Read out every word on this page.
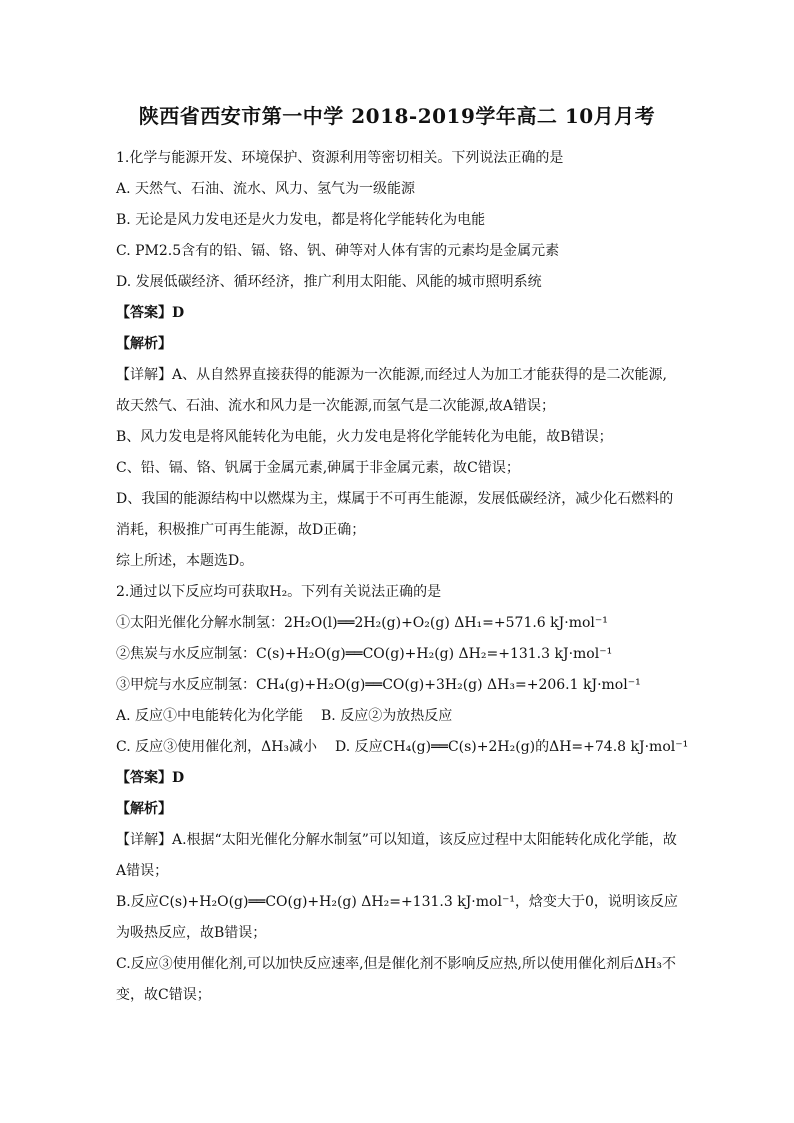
陕西省西安市第一中学 2018-2019学年高二 10月月考
1.化学与能源开发、环境保护、资源利用等密切相关。下列说法正确的是
A. 天然气、石油、流水、风力、氢气为一级能源
B. 无论是风力发电还是火力发电，都是将化学能转化为电能
C. PM2.5含有的铅、镉、铬、钒、砷等对人体有害的元素均是金属元素
D. 发展低碳经济、循环经济，推广利用太阳能、风能的城市照明系统
【答案】D
【解析】
【详解】A、从自然界直接获得的能源为一次能源,而经过人为加工才能获得的是二次能源,故天然气、石油、流水和风力是一次能源,而氢气是二次能源,故A错误；
B、风力发电是将风能转化为电能，火力发电是将化学能转化为电能，故B错误；
C、铅、镉、铬、钒属于金属元素,砷属于非金属元素，故C错误；
D、我国的能源结构中以燃煤为主，煤属于不可再生能源，发展低碳经济，减少化石燃料的消耗，积极推广可再生能源，故D正确；
综上所述，本题选D。
2.通过以下反应均可获取H₂。下列有关说法正确的是
①太阳光催化分解水制氢：2H₂O(l)══2H₂(g)+O₂(g) ΔH₁=+571.6 kJ·mol⁻¹
②焦炭与水反应制氢：C(s)+H₂O(g)══CO(g)+H₂(g) ΔH₂=+131.3 kJ·mol⁻¹
③甲烷与水反应制氢：CH₄(g)+H₂O(g)══CO(g)+3H₂(g) ΔH₃=+206.1 kJ·mol⁻¹
A. 反应①中电能转化为化学能 B. 反应②为放热反应
C. 反应③使用催化剂，ΔH₃减小 D. 反应CH₄(g)══C(s)+2H₂(g)的ΔH=+74.8 kJ·mol⁻¹
【答案】D
【解析】
【详解】A.根据“太阳光催化分解水制氢”可以知道，该反应过程中太阳能转化成化学能，故A错误；
B.反应C(s)+H₂O(g)══CO(g)+H₂(g) ΔH₂=+131.3 kJ·mol⁻¹，焓变大于0，说明该反应为吸热反应，故B错误；
C.反应③使用催化剂,可以加快反应速率,但是催化剂不影响反应热,所以使用催化剂后ΔH₃不变，故C错误；
